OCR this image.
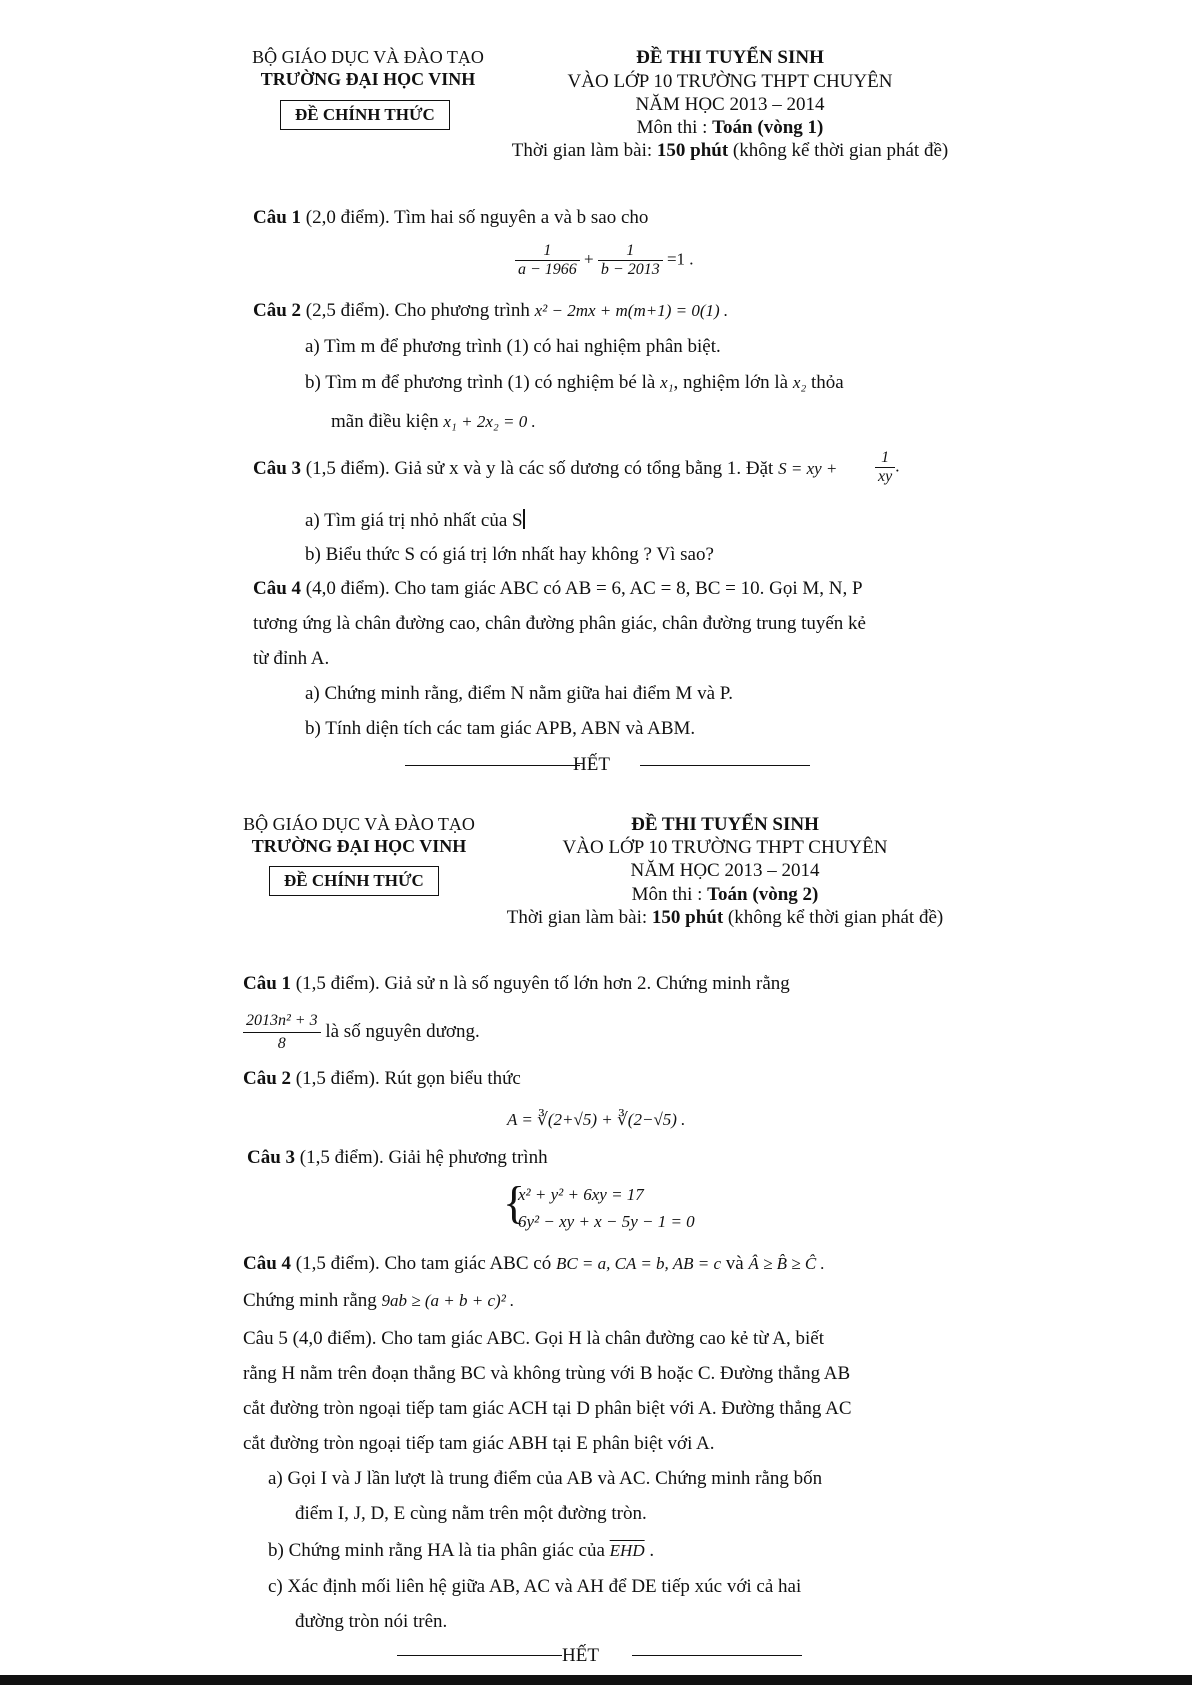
BỘ GIÁO DỤC VÀ ĐÀO TẠO
TRƯỜNG ĐẠI HỌC VINH
ĐỀ CHÍNH THỨC
ĐỀ THI TUYỂN SINH
VÀO LỚP 10 TRƯỜNG THPT CHUYÊN
NĂM HỌC 2013 – 2014
Môn thi : Toán (vòng 1)
Thời gian làm bài: 150 phút (không kể thời gian phát đề)
Câu 1 (2,0 điểm). Tìm hai số nguyên a và b sao cho
$\frac{1}{a - 1966} + \frac{1}{b - 2013} =1$ .
Câu 2 (2,5 điểm). Cho phương trình x² − 2mx + m(m+1) = 0(1) .
a) Tìm m để phương trình (1) có hai nghiệm phân biệt.
b) Tìm m để phương trình (1) có nghiệm bé là x₁, nghiệm lớn là x₂ thỏa
mãn điều kiện x₁ + 2x₂ = 0 .
Câu 3 (1,5 điểm). Giả sử x và y là các số dương có tổng bằng 1. Đặt S = xy + $\frac{1}{xy}$ .
a) Tìm giá trị nhỏ nhất của S
b) Biểu thức S có giá trị lớn nhất hay không ? Vì sao?
Câu 4 (4,0 điểm). Cho tam giác ABC có AB = 6, AC = 8, BC = 10. Gọi M, N, P
tương ứng là chân đường cao, chân đường phân giác, chân đường trung tuyến kẻ
từ đỉnh A.
a) Chứng minh rằng, điểm N nằm giữa hai điểm M và P.
b) Tính diện tích các tam giác APB, ABN và ABM.
HẾT
BỘ GIÁO DỤC VÀ ĐÀO TẠO
TRƯỜNG ĐẠI HỌC VINH
ĐỀ CHÍNH THỨC
ĐỀ THI TUYỂN SINH
VÀO LỚP 10 TRƯỜNG THPT CHUYÊN
NĂM HỌC 2013 – 2014
Môn thi : Toán (vòng 2)
Thời gian làm bài: 150 phút (không kể thời gian phát đề)
Câu 1 (1,5 điểm). Giả sử n là số nguyên tố lớn hơn 2. Chứng minh rằng
$\frac{\text{2013n² + 3}}{8}$ là số nguyên dương.
Câu 2 (1,5 điểm). Rút gọn biểu thức
A = ∛(2+√5) + ∛(2−√5) .
Câu 3 (1,5 điểm). Giải hệ phương trình
{
x² + y² + 6xy = 17
6y² − xy + x − 5y − 1 = 0
Câu 4 (1,5 điểm). Cho tam giác ABC có BC = a, CA = b, AB = c và Â ≥ B̂ ≥ Ĉ .
Chứng minh rằng 9ab ≥ (a + b + c)² .
Câu 5 (4,0 điểm). Cho tam giác ABC. Gọi H là chân đường cao kẻ từ A, biết
rằng H nằm trên đoạn thẳng BC và không trùng với B hoặc C. Đường thẳng AB
cắt đường tròn ngoại tiếp tam giác ACH tại D phân biệt với A. Đường thẳng AC
cắt đường tròn ngoại tiếp tam giác ABH tại E phân biệt với A.
a) Gọi I và J lần lượt là trung điểm của AB và AC. Chứng minh rằng bốn
điểm I, J, D, E cùng nằm trên một đường tròn.
b) Chứng minh rằng HA là tia phân giác của $\overline{EHD}$ .
c) Xác định mối liên hệ giữa AB, AC và AH để DE tiếp xúc với cả hai
đường tròn nói trên.
HẾT
